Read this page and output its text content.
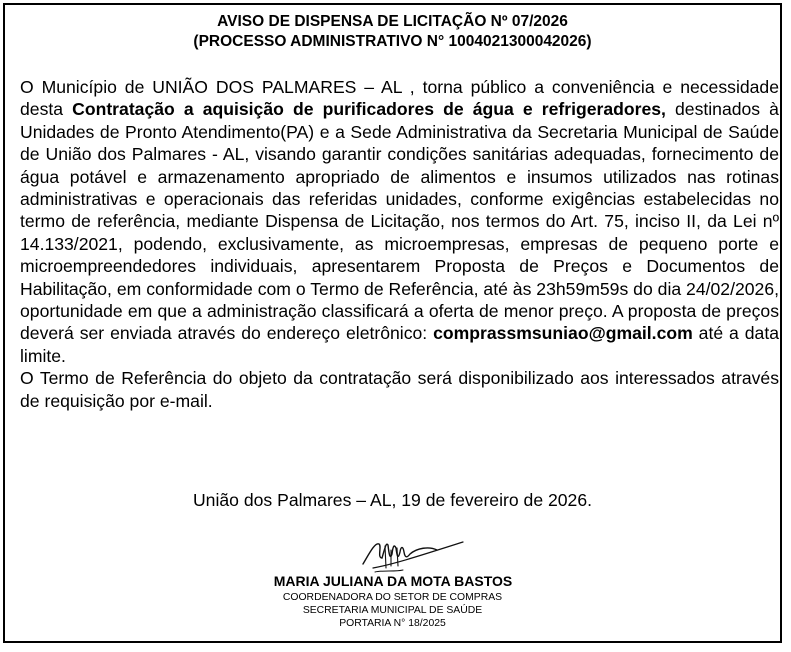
AVISO DE DISPENSA DE LICITAÇÃO Nº 07/2026
(PROCESSO ADMINISTRATIVO N° 1004021300042026)

O Município de UNIÃO DOS PALMARES – AL , torna público a conveniência e necessidade desta Contratação a aquisição de purificadores de água e refrigeradores, destinados à Unidades de Pronto Atendimento(PA) e a Sede Administrativa da Secretaria Municipal de Saúde de União dos Palmares - AL, visando garantir condições sanitárias adequadas, fornecimento de água potável e armazenamento apropriado de alimentos e insumos utilizados nas rotinas administrativas e operacionais das referidas unidades, conforme exigências estabelecidas no termo de referência, mediante Dispensa de Licitação, nos termos do Art. 75, inciso II, da Lei nº 14.133/2021, podendo, exclusivamente, as microempresas, empresas de pequeno porte e microempreendedores individuais, apresentarem Proposta de Preços e Documentos de Habilitação, em conformidade com o Termo de Referência, até às 23h59m59s do dia 24/02/2026, oportunidade em que a administração classificará a oferta de menor preço. A proposta de preços deverá ser enviada através do endereço eletrônico: comprassmsuniao@gmail.com até a data limite.

O Termo de Referência do objeto da contratação será disponibilizado aos interessados através de requisição por e-mail.

União dos Palmares – AL, 19 de fevereiro de 2026.
MARIA JULIANA DA MOTA BASTOS
COORDENADORA DO SETOR DE COMPRAS
SECRETARIA MUNICIPAL DE SAÚDE
PORTARIA N° 18/2025
